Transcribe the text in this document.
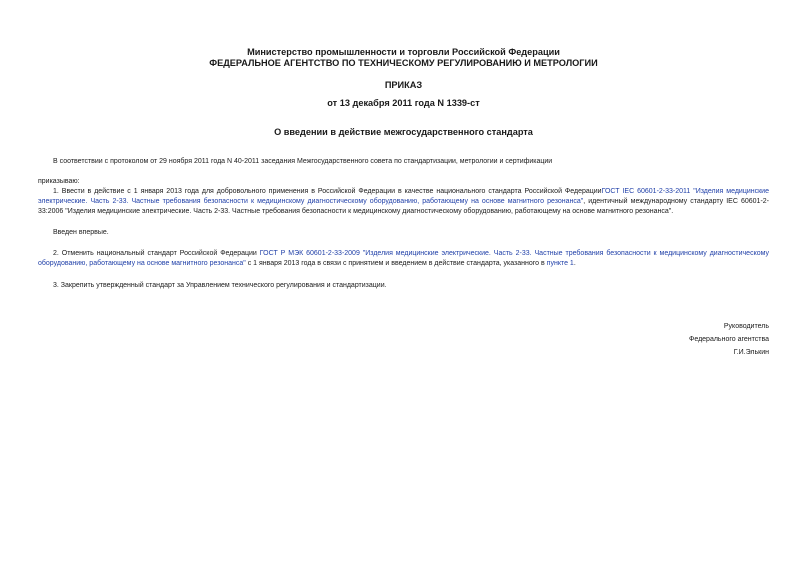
Министерство промышленности и торговли Российской Федерации
ФЕДЕРАЛЬНОЕ АГЕНТСТВО ПО ТЕХНИЧЕСКОМУ РЕГУЛИРОВАНИЮ И МЕТРОЛОГИИ
ПРИКАЗ
от 13 декабря 2011 года N 1339-ст
О введении в действие межгосударственного стандарта
В соответствии с протоколом от 29 ноября 2011 года N 40-2011 заседания Межгосударственного совета по стандартизации, метрологии и сертификации
приказываю:
1. Ввести в действие с 1 января 2013 года для добровольного применения в Российской Федерации в качестве национального стандарта Российской ФедерацииГОСТ IEC 60601-2-33-2011 "Изделия медицинские электрические. Часть 2-33. Частные требования безопасности к медицинскому диагностическому оборудованию, работающему на основе магнитного резонанса", идентичный международному стандарту IEC 60601-2-33:2006 "Изделия медицинские электрические. Часть 2-33. Частные требования безопасности к медицинскому диагностическому оборудованию, работающему на основе магнитного резонанса".
Введен впервые.
2. Отменить национальный стандарт Российской Федерации ГОСТ Р МЭК 60601-2-33-2009 "Изделия медицинские электрические. Часть 2-33. Частные требования безопасности к медицинскому диагностическому оборудованию, работающему на основе магнитного резонанса" с 1 января 2013 года в связи с принятием и введением в действие стандарта, указанного в пункте 1.
3. Закрепить утвержденный стандарт за Управлением технического регулирования и стандартизации.
Руководитель
Федерального агентства
Г.И.Элькин
